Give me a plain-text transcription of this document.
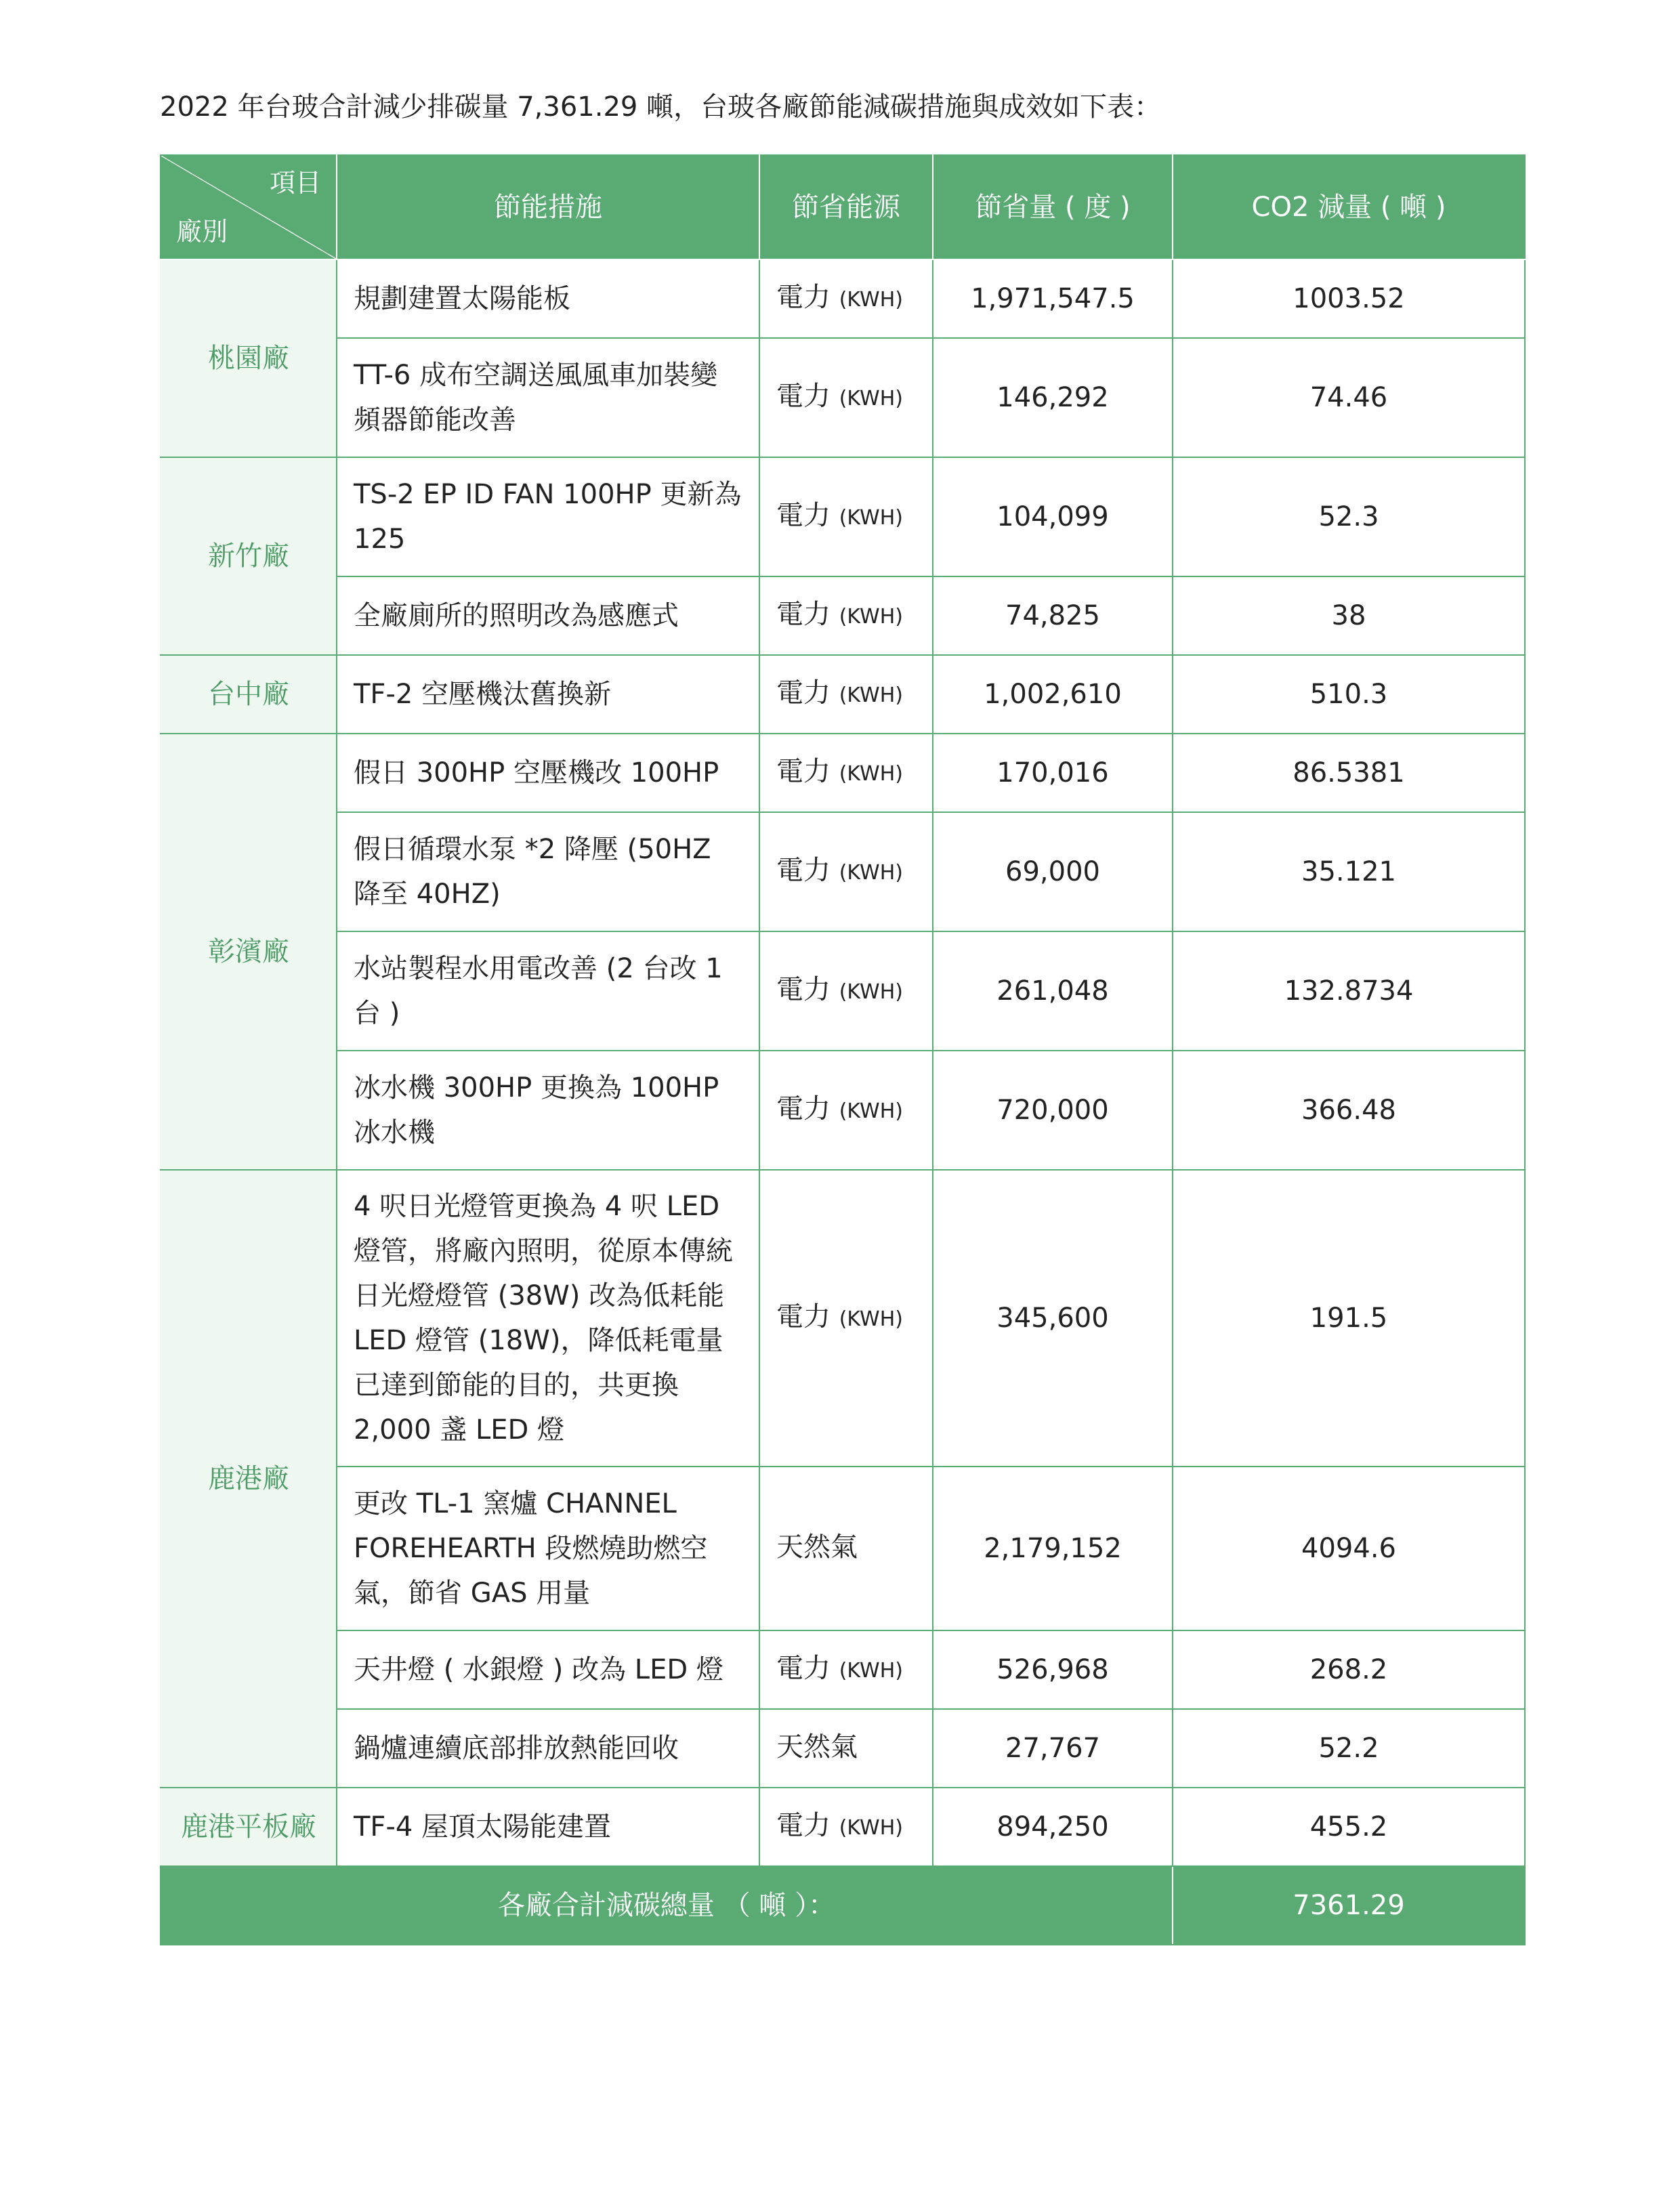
2022 年台玻合計減少排碳量 7,361.29 噸，台玻各廠節能減碳措施與成效如下表：
項目
廠別	節能措施	節省能源	節省量 ( 度 )	CO2 減量 ( 噸 )
桃園廠	規劃建置太陽能板	電力 (KWH)	1,971,547.5	1003.52
	TT-6 成布空調送風風車加裝變頻器節能改善	電力 (KWH)	146,292	74.46
新竹廠	TS-2 EP ID FAN 100HP 更新為 125	電力 (KWH)	104,099	52.3
	全廠廁所的照明改為感應式	電力 (KWH)	74,825	38
台中廠	TF-2 空壓機汰舊換新	電力 (KWH)	1,002,610	510.3
彰濱廠	假日 300HP 空壓機改 100HP	電力 (KWH)	170,016	86.5381
	假日循環水泵 *2 降壓 (50HZ 降至 40HZ)	電力 (KWH)	69,000	35.121
	水站製程水用電改善 (2 台改 1 台 )	電力 (KWH)	261,048	132.8734
	冰水機 300HP 更換為 100HP 冰水機	電力 (KWH)	720,000	366.48
鹿港廠	4 呎日光燈管更換為 4 呎 LED 燈管，將廠內照明，從原本傳統日光燈燈管 (38W) 改為低耗能 LED 燈管 (18W)，降低耗電量已達到節能的目的，共更換 2,000 盞 LED 燈	電力 (KWH)	345,600	191.5
	更改 TL-1 窯爐 CHANNEL FOREHEARTH 段燃燒助燃空氣，節省 GAS 用量	天然氣	2,179,152	4094.6
	天井燈 ( 水銀燈 ) 改為 LED 燈	電力 (KWH)	526,968	268.2
	鍋爐連續底部排放熱能回收	天然氣	27,767	52.2
鹿港平板廠	TF-4 屋頂太陽能建置	電力 (KWH)	894,250	455.2
各廠合計減碳總量 （ 噸 ）：				7361.29
